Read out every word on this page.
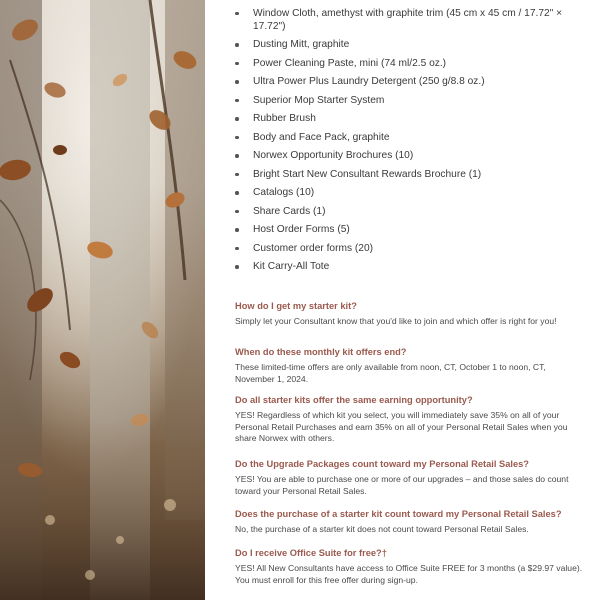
Window Cloth, amethyst with graphite trim (45 cm x 45 cm / 17.72" × 17.72")
Dusting Mitt, graphite
Power Cleaning Paste, mini (74 ml/2.5 oz.)
Ultra Power Plus Laundry Detergent (250 g/8.8 oz.)
Superior Mop Starter System
Rubber Brush
Body and Face Pack, graphite
Norwex Opportunity Brochures (10)
Bright Start New Consultant Rewards Brochure (1)
Catalogs (10)
Share Cards (1)
Host Order Forms (5)
Customer order forms (20)
Kit Carry-All Tote

How do I get my starter kit?

Simply let your Consultant know that you'd like to join and which offer is right for you!

When do these monthly kit offers end?

These limited-time offers are only available from noon, CT, October 1 to noon, CT, November 1, 2024.

Do all starter kits offer the same earning opportunity?

YES! Regardless of which kit you select, you will immediately save 35% on all of your Personal Retail Purchases and earn 35% on all of your Personal Retail Sales when you share Norwex with others.

Do the Upgrade Packages count toward my Personal Retail Sales?

YES! You are able to purchase one or more of our upgrades – and those sales do count toward your Personal Retail Sales.

Does the purchase of a starter kit count toward my Personal Retail Sales?

No, the purchase of a starter kit does not count toward Personal Retail Sales.

Do I receive Office Suite for free?†

YES! All New Consultants have access to Office Suite FREE for 3 months (a $29.97 value). You must enroll for this free offer during sign-up.
